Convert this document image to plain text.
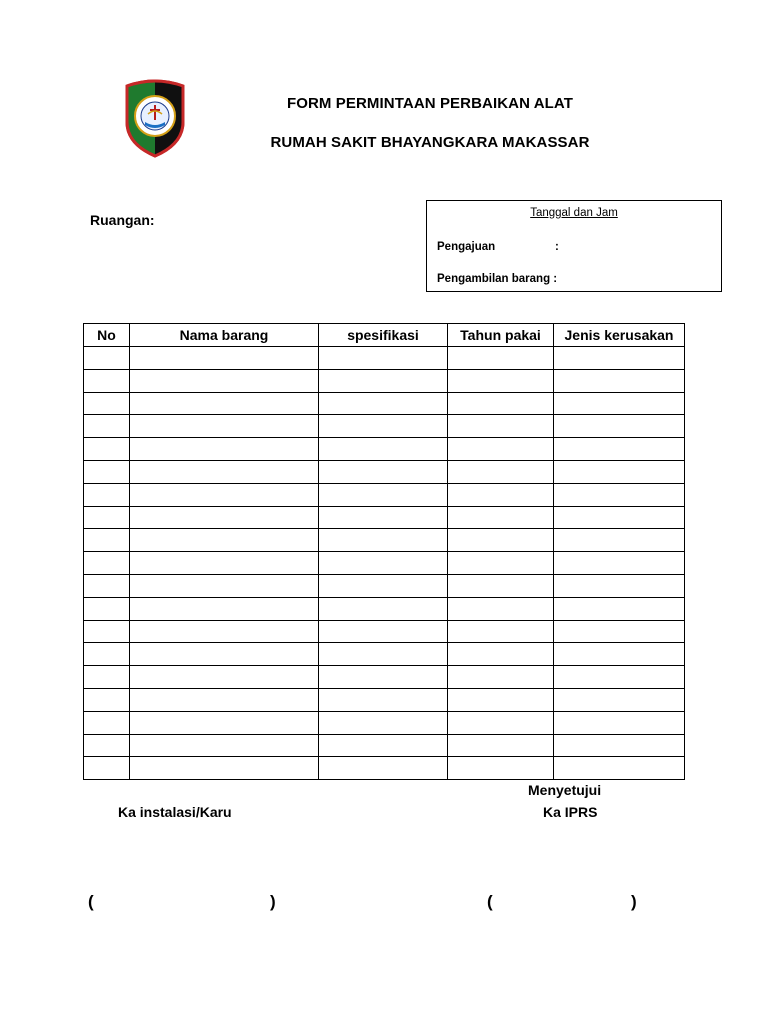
FORM PERMINTAAN PERBAIKAN ALAT
RUMAH SAKIT BHAYANGKARA MAKASSAR
Ruangan:	Tanggal dan Jam
Pengajuan	:
Pengambilan barang :
No	Nama barang	spesifikasi	Tahun pakai	Jenis kerusakan

Menyetujui
Ka instalasi/Karu	Ka IPRS
(	)	(	)
